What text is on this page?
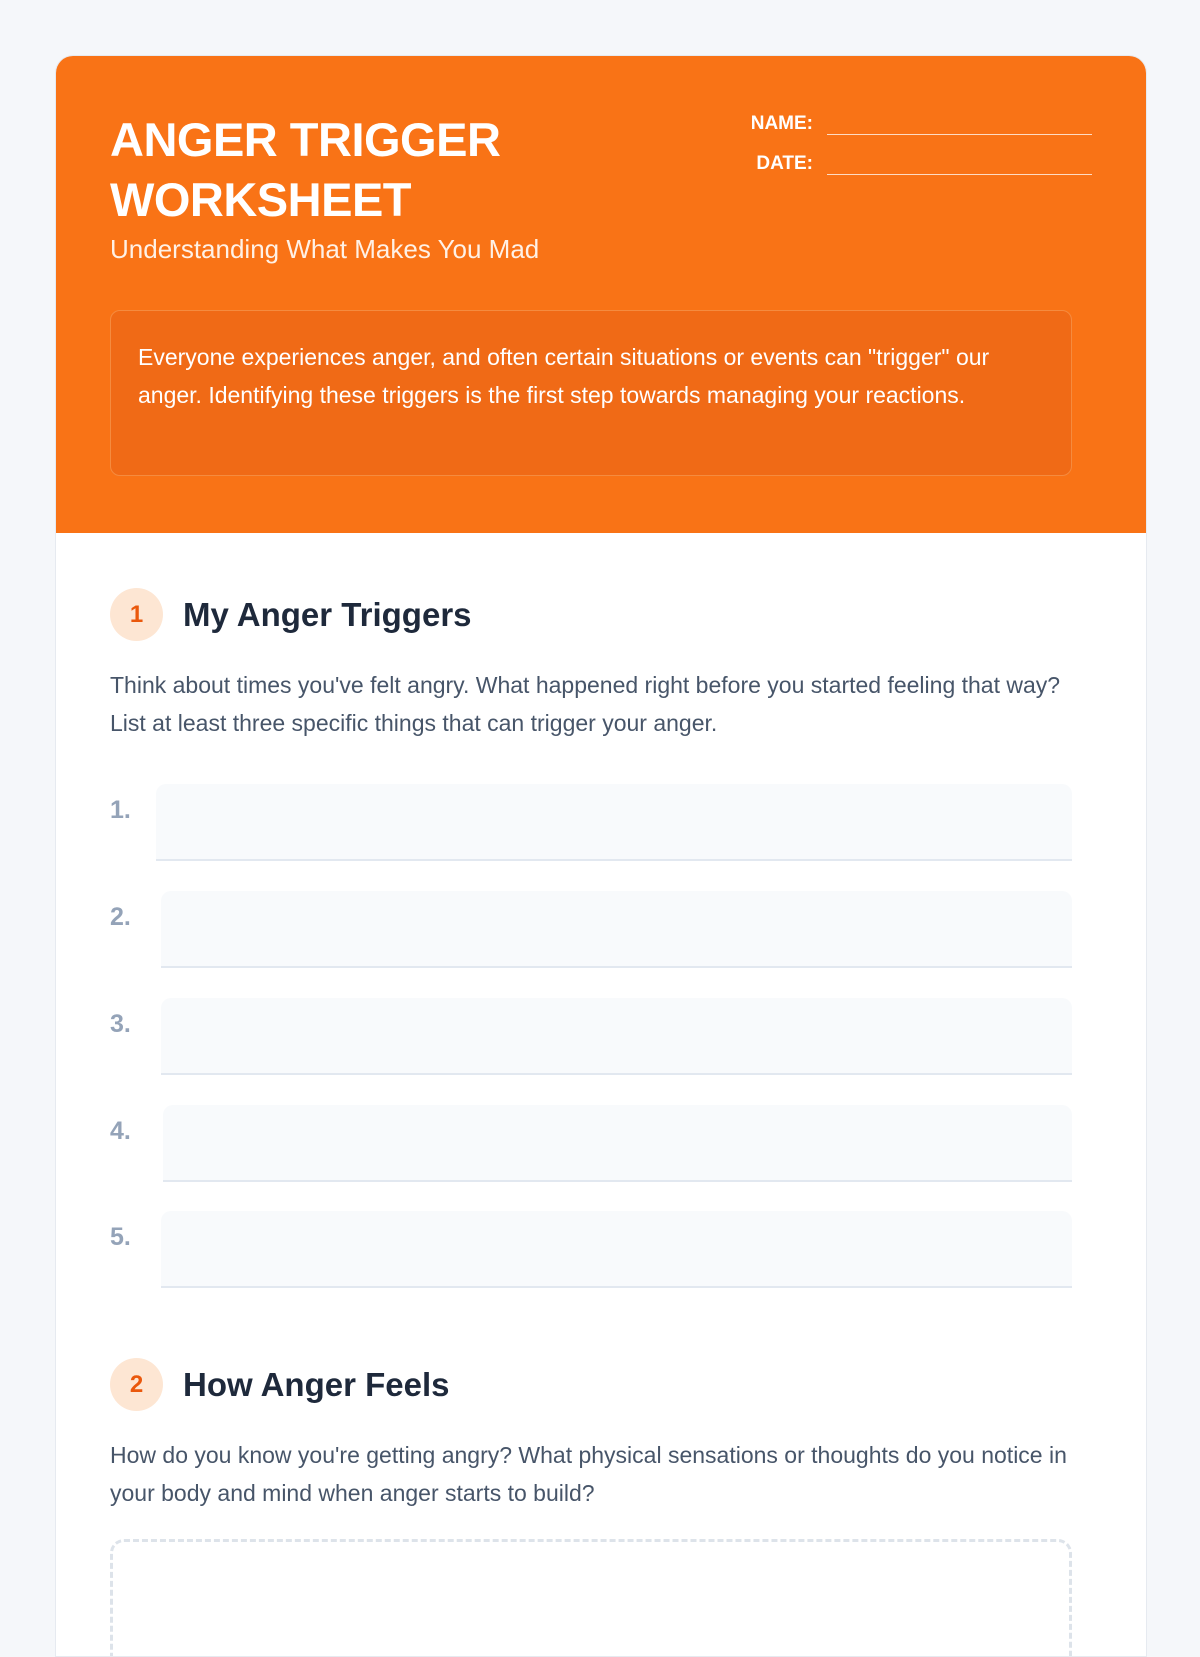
ANGER TRIGGER WORKSHEET

Understanding What Makes You Mad

NAME:
DATE:
Everyone experiences anger, and often certain situations or events can "trigger" our anger. Identifying these triggers is the first step towards managing your reactions.
1	My Anger Triggers

Think about times you've felt angry. What happened right before you started feeling that way? List at least three specific things that can trigger your anger.

1.
2.
3.
4.
5.
2	How Anger Feels

How do you know you're getting angry? What physical sensations or thoughts do you notice in your body and mind when anger starts to build?
